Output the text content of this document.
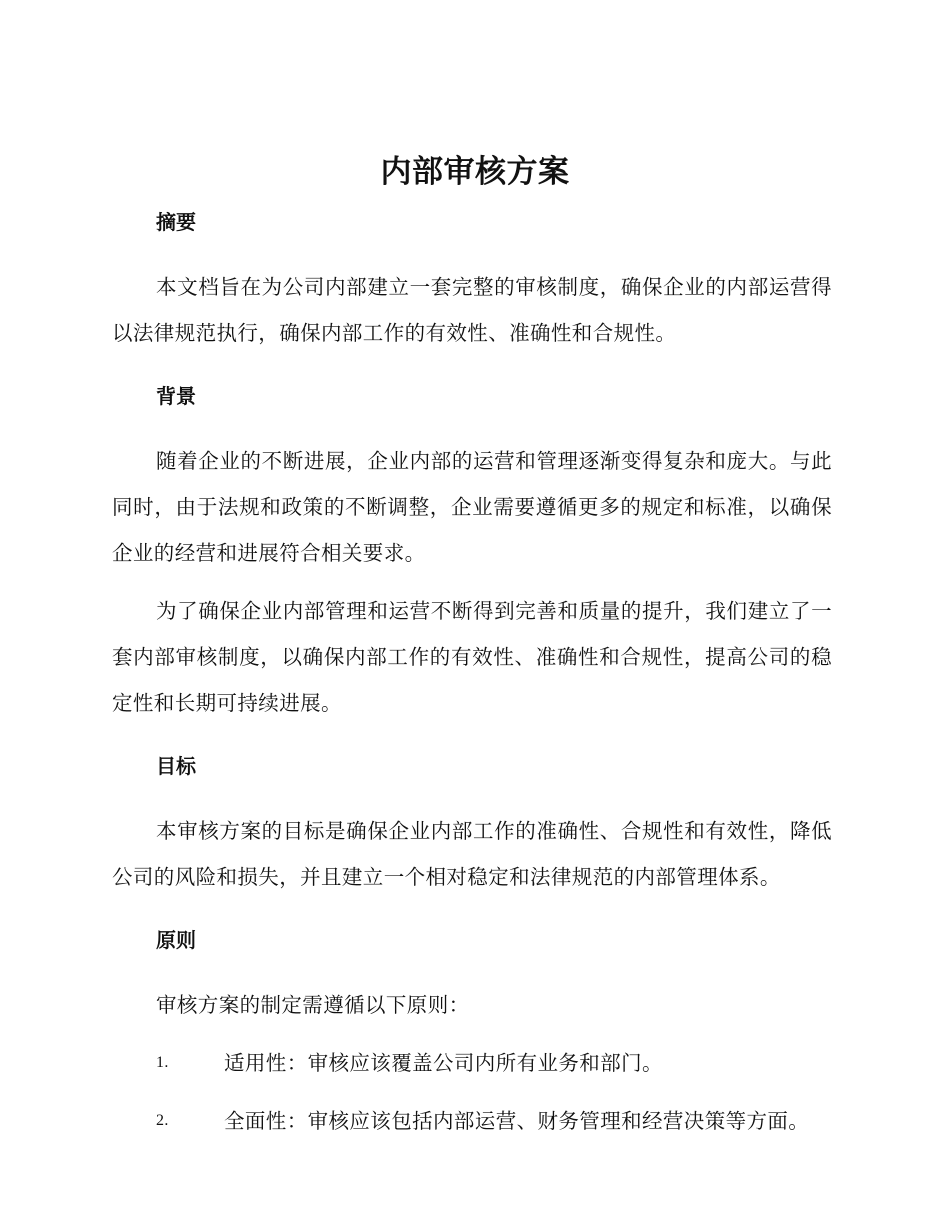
内部审核方案
摘要

本文档旨在为公司内部建立一套完整的审核制度，确保企业的内部运营得以法律规范执行，确保内部工作的有效性、准确性和合规性。

背景

随着企业的不断进展，企业内部的运营和管理逐渐变得复杂和庞大。与此同时，由于法规和政策的不断调整，企业需要遵循更多的规定和标准，以确保企业的经营和进展符合相关要求。

为了确保企业内部管理和运营不断得到完善和质量的提升，我们建立了一套内部审核制度，以确保内部工作的有效性、准确性和合规性，提高公司的稳定性和长期可持续进展。

目标

本审核方案的目标是确保企业内部工作的准确性、合规性和有效性，降低公司的风险和损失，并且建立一个相对稳定和法律规范的内部管理体系。

原则

审核方案的制定需遵循以下原则：

1.	适用性：审核应该覆盖公司内所有业务和部门。
2.	全面性：审核应该包括内部运营、财务管理和经营决策等方面。
